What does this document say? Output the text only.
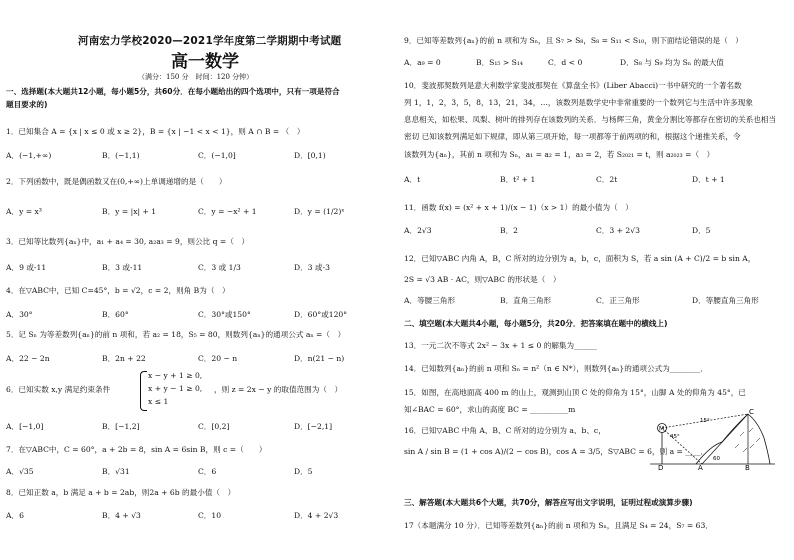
河南宏力学校2020—2021学年度第二学期期中考试题
高一数学
（满分：150 分　时间：120 分钟）
一、选择题(本大题共12小题，每小题5分，共60分．在每小题给出的四个选项中，只有一项是符合
题目要求的)
1．已知集合 A = {x | x ≤ 0 或 x ≥ 2}，B = {x | −1 < x < 1}，则 A ∩ B = （　）
A．(−1,+∞)	B．(−1,1)	C．(−1,0]	D．[0,1)
2．下列函数中，既是偶函数又在(0,+∞)上单调递增的是（　　）
A．y = x³	B．y = |x| + 1	C．y = −x² + 1	D．y = (1/2)ˣ
3．已知等比数列{aₙ}中，a₁ + a₄ = 30, a₂a₃ = 9，则公比 q =（　）
A．9 或-11	B．3 或-11	C．3 或 1/3	D．3 或-3
4．在▽ABC中，已知 C=45°，b = √2，c = 2，则角 B为（　）
A．30°	B．60°	C．30°或150°	D．60°或120°
5．记 Sₙ 为等差数列{aₙ}的前 n 项和，若 a₂ = 18，S₅ = 80，则数列{aₙ}的通项公式 aₙ =（　）
A．22 − 2n	B．2n + 22	C．20 − n	D．n(21 − n)
6．已知实数 x,y 满足约束条件
x − y + 1 ≥ 0,
x + y − 1 ≥ 0,
x ≤ 1
，则 z = 2x − y 的取值范围为（　）
A．[−1,0]	B．[−1,2]	C．[0,2]	D．[−2,1]
7．在▽ABC中，C = 60°，a + 2b = 8，sin A = 6sin B，则 c =（　　）
A．√35	B．√31	C．6	D．5
8．已知正数 a，b 满足 a + b = 2ab，则2a + 6b 的最小值（　）
A．6	B．4 + √3	C．10	D．4 + 2√3
9．已知等差数列{aₙ}的前 n 项和为 Sₙ，且 S₇ > S₈，S₈ = S₁₁ < S₁₀，则下面结论错误的是（　）
A．a₉ = 0	B．S₁₅ > S₁₄	C．d < 0	D．S₈ 与 S₉ 均为 Sₙ 的最大值
10．斐波那契数列是意大利数学家斐波那契在《算盘全书》(Liber Abacci)一书中研究的一个著名数
列 1，1，2，3，5，8，13，21，34，…，该数列是数学史中非常重要的一个数列它与生活中许多现象
息息相关，如松果、凤梨、树叶的排列存在该数列的关系．与杨辉三角，黄金分割比等都存在密切的关系也相当
密切 已知该数列满足如下规律，即从第三项开始，每一项都等于前两项的和，根据这个递推关系，令
该数列为{aₙ}，其前 n 项和为 Sₙ，a₁ = a₂ = 1，a₃ = 2，若 S₂₀₂₁ = t，则 a₂₀₂₃ =（　）
A．t	B．t² + 1	C．2t	D．t + 1
11．函数 f(x) = (x² + x + 1)/(x − 1)（x > 1）的最小值为（　）
A．2√3	B．2	C．3 + 2√3	D．5
12．已知▽ABC 内角 A，B，C 所对的边分别为 a，b，c，面积为 S，若 a sin (A + C)/2 = b sin A，
2S = √3 AB · AC，则▽ABC 的形状是（　）
A．等腰三角形	B．直角三角形	C．正三角形	D．等腰直角三角形
二、填空题(本大题共4小题，每小题5分，共20分．把答案填在题中的横线上)
13．一元二次不等式 2x² − 3x + 1 ≤ 0 的解集为______
14．已知数列{aₙ}的前 n 项和 Sₙ = n²（n ∈ N*），则数列{aₙ}的通项公式为________．
15．如图，在高地面高 400 m 的山上，观测到山顶 C 处的仰角为 15°，山脚 A 处的仰角为 45°，已
知∠BAC = 60°，求山的高度 BC = __________m
16．已知▽ABC 中角 A、B、C 所对的边分别为 a、b、c，
sin A / sin B = (1 + cos A)/(2 − cos B)，cos A = 3/5，S▽ABC = 6，则 a = ____．
C
M
A	B
D
15°
45°
60
三、解答题(本大题共6个大题，共70分，解答应写出文字说明，证明过程或演算步骤)
17（本题满分 10 分）．已知等差数列{aₙ}的前 n 项和为 Sₙ，且满足 S₄ = 24，S₇ = 63．
